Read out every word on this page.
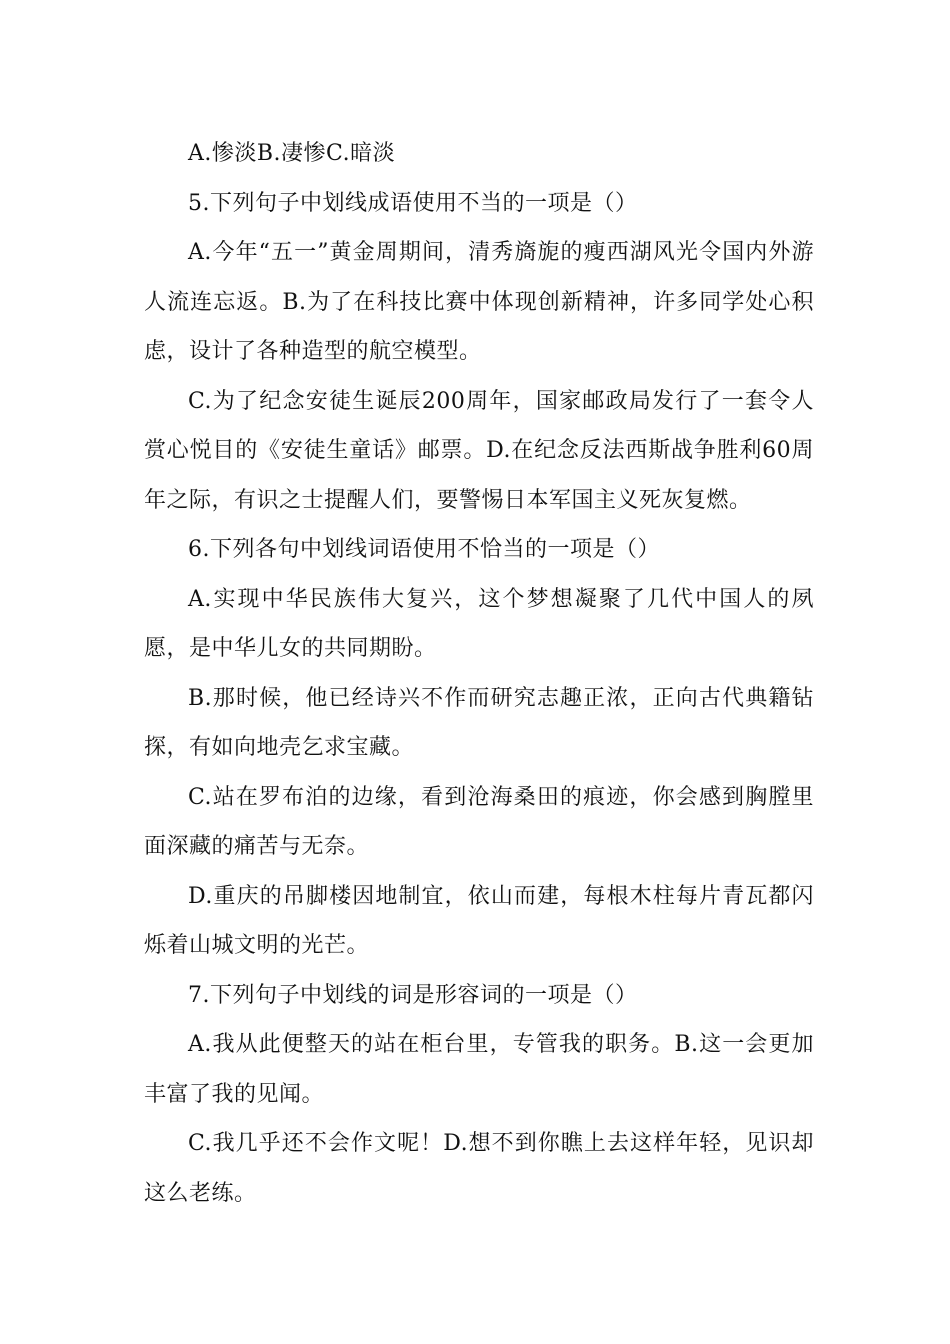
A.惨淡B.凄惨C.暗淡

5.下列句子中划线成语使用不当的一项是（）

A.今年“五一”黄金周期间，清秀旖旎的瘦西湖风光令国内外游人流连忘返。B.为了在科技比赛中体现创新精神，许多同学处心积虑，设计了各种造型的航空模型。

C.为了纪念安徒生诞辰200周年，国家邮政局发行了一套令人赏心悦目的《安徒生童话》邮票。D.在纪念反法西斯战争胜利60周年之际，有识之士提醒人们，要警惕日本军国主义死灰复燃。

6.下列各句中划线词语使用不恰当的一项是（）

A.实现中华民族伟大复兴，这个梦想凝聚了几代中国人的夙愿，是中华儿女的共同期盼。

B.那时候，他已经诗兴不作而研究志趣正浓，正向古代典籍钻探，有如向地壳乞求宝藏。

C.站在罗布泊的边缘，看到沧海桑田的痕迹，你会感到胸膛里面深藏的痛苦与无奈。

D.重庆的吊脚楼因地制宜，依山而建，每根木柱每片青瓦都闪烁着山城文明的光芒。

7.下列句子中划线的词是形容词的一项是（）

A.我从此便整天的站在柜台里，专管我的职务。B.这一会更加丰富了我的见闻。

C.我几乎还不会作文呢！D.想不到你瞧上去这样年轻，见识却这么老练。
